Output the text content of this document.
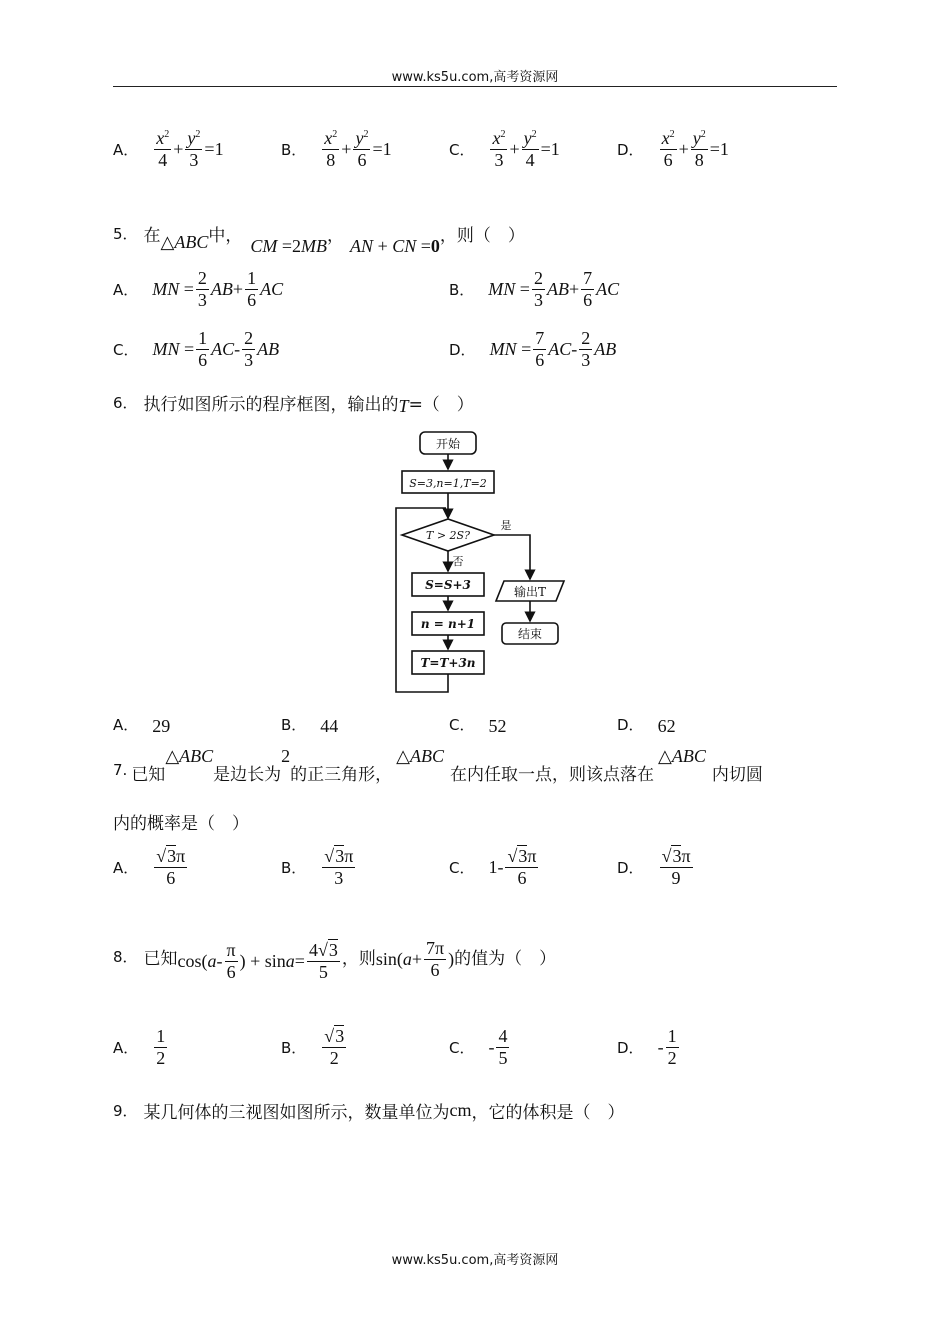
www.ks5u.com,高考资源网
www.ks5u.com,高考资源网
A． $\frac{x^2}{4} + \frac{y^2}{3} =1$	B． $\frac{x^2}{8} + \frac{y^2}{6} =1$	C． $\frac{x^2}{3} + \frac{y^2}{4} =1$	D． $\frac{x^2}{6} + \frac{y^2}{8} =1$
5． 在 △ABC 中， CM =2MB ， AN + CN =0 ，则（　）
A． MN = $\frac{2}{3}$ AB + $\frac{1}{6}$ AC	B． MN = $\frac{2}{3}$ AB + $\frac{7}{6}$ AC
C． MN = $\frac{1}{6}$ AC - $\frac{2}{3}$ AB	D． MN = $\frac{7}{6}$ AC - $\frac{2}{3}$ AB
6． 执行如图所示的程序框图，输出的 T =（　）
开始
S=3,n=1,T=2
T > 2S?
是
否
S=S+3
n = n+1
T=T+3n
输出T
结束
A． 29	B． 44	C． 52	D． 62
7. 已知
△ABC
是边长为
2
的正三角形，
△ABC
在内任取一点，则该点落在
△ABC
内切圆
内的概率是（　）
A． $\frac{√3\pi}{6}$	B． $\frac{√3\pi}{3}$	C． $1- \frac{√3\pi}{6}$	D． $\frac{√3\pi}{9}$
8． 已知 cos( a - $\frac{\pi}{6}$ ) + $\sin a = \frac{4√3}{5}$ ，则 sin( $a + \frac{7\pi}{6}$ ) 的值为（　）
A． $\frac{1}{2}$	B． $\frac{√3}{2}$	C． - $\frac{4}{5}$	D． - $\frac{1}{2}$
9． 某几何体的三视图如图所示，数量单位为 cm ，它的体积是（　）
